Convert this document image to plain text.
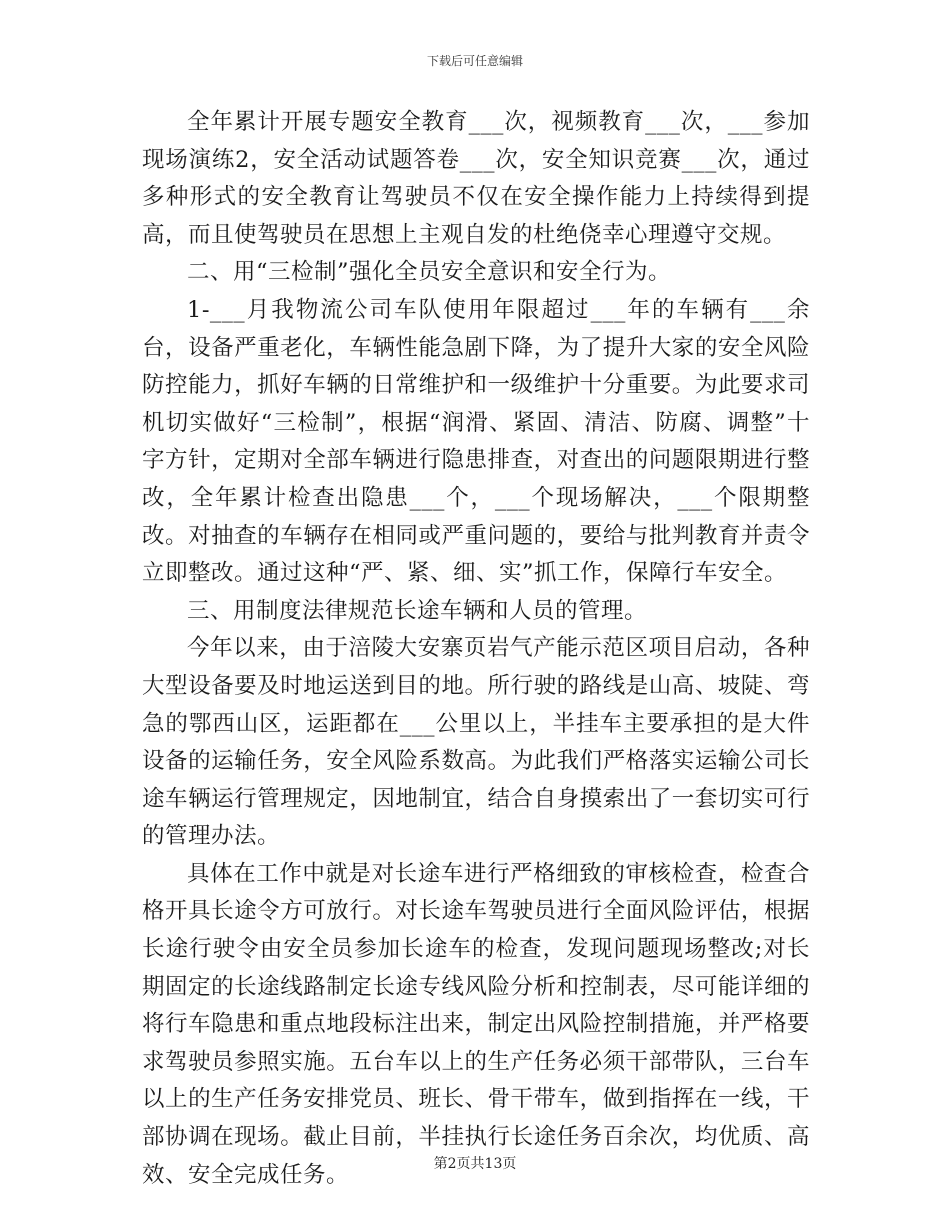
下载后可任意编辑

全年累计开展专题安全教育___次，视频教育___次，___参加现场演练2，安全活动试题答卷___次，安全知识竞赛___次，通过多种形式的安全教育让驾驶员不仅在安全操作能力上持续得到提高，而且使驾驶员在思想上主观自发的杜绝侥幸心理遵守交规。

二、用“三检制”强化全员安全意识和安全行为。

1-___月我物流公司车队使用年限超过___年的车辆有___余台，设备严重老化，车辆性能急剧下降，为了提升大家的安全风险防控能力，抓好车辆的日常维护和一级维护十分重要。为此要求司机切实做好“三检制”，根据“润滑、紧固、清洁、防腐、调整”十字方针，定期对全部车辆进行隐患排查，对查出的问题限期进行整改，全年累计检查出隐患___个，___个现场解决，___个限期整改。对抽查的车辆存在相同或严重问题的，要给与批判教育并责令立即整改。通过这种“严、紧、细、实”抓工作，保障行车安全。

三、用制度法律规范长途车辆和人员的管理。

今年以来，由于涪陵大安寨页岩气产能示范区项目启动，各种大型设备要及时地运送到目的地。所行驶的路线是山高、坡陡、弯急的鄂西山区，运距都在___公里以上，半挂车主要承担的是大件设备的运输任务，安全风险系数高。为此我们严格落实运输公司长途车辆运行管理规定，因地制宜，结合自身摸索出了一套切实可行的管理办法。

具体在工作中就是对长途车进行严格细致的审核检查，检查合格开具长途令方可放行。对长途车驾驶员进行全面风险评估，根据长途行驶令由安全员参加长途车的检查，发现问题现场整改;对长期固定的长途线路制定长途专线风险分析和控制表，尽可能详细的将行车隐患和重点地段标注出来，制定出风险控制措施，并严格要求驾驶员参照实施。五台车以上的生产任务必须干部带队，三台车以上的生产任务安排党员、班长、骨干带车，做到指挥在一线，干部协调在现场。截止目前，半挂执行长途任务百余次，均优质、高效、安全完成任务。	第2页共13页
